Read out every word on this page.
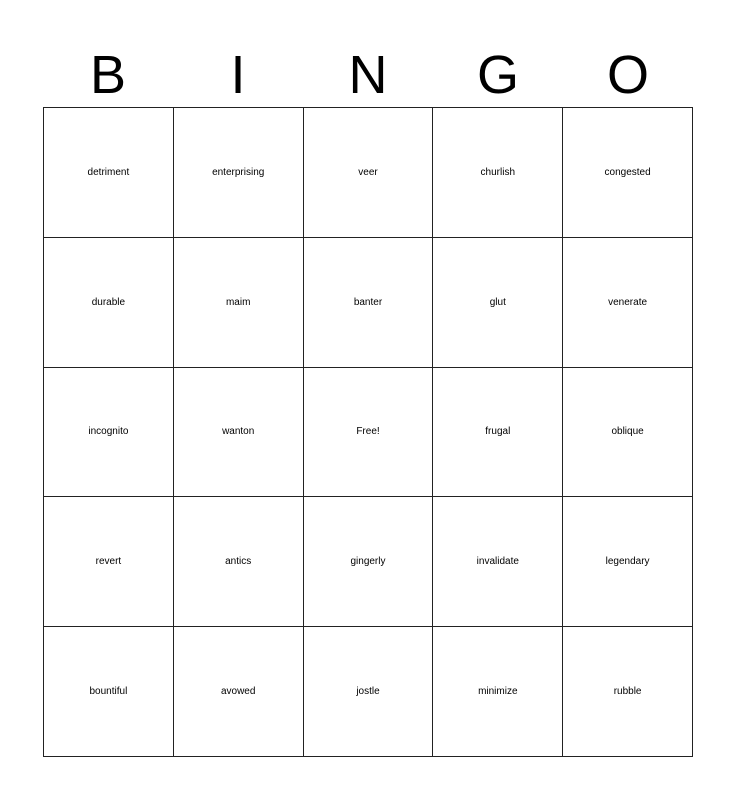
B	I	N	G	O
detriment	enterprising	veer	churlish	congested
durable	maim	banter	glut	venerate
incognito	wanton	Free!	frugal	oblique
revert	antics	gingerly	invalidate	legendary
bountiful	avowed	jostle	minimize	rubble
